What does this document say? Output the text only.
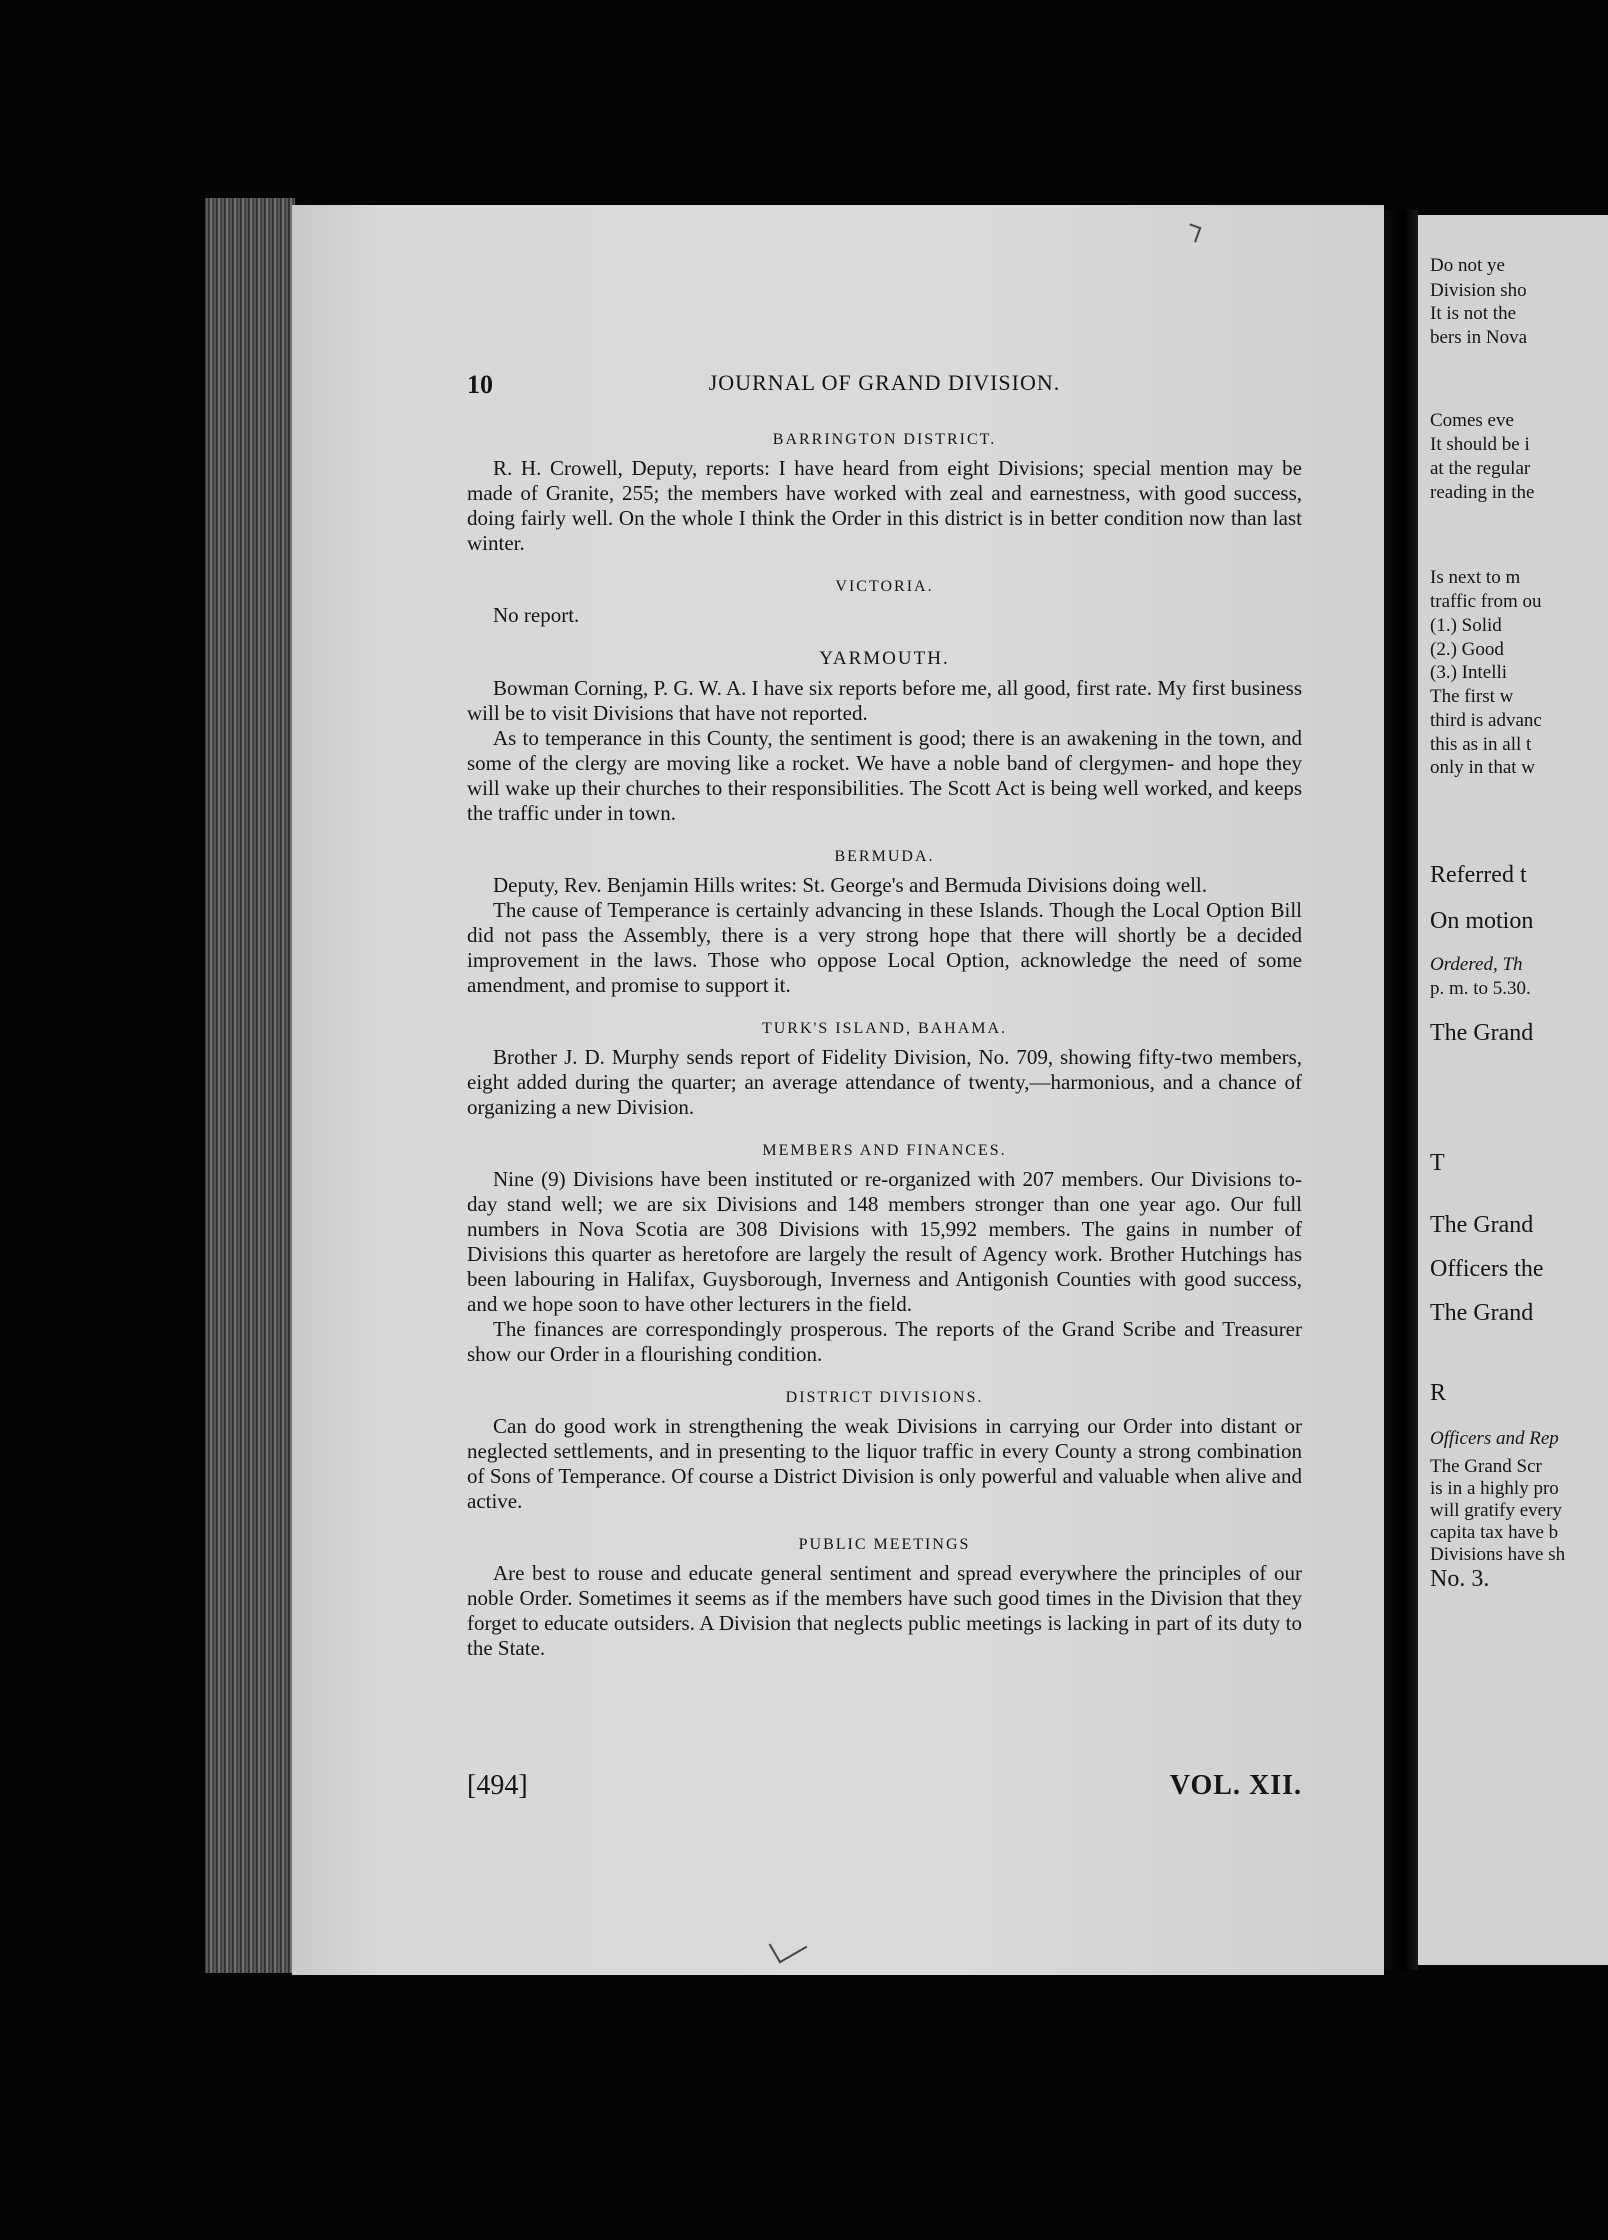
10	JOURNAL OF GRAND DIVISION.
BARRINGTON DISTRICT.

R. H. Crowell, Deputy, reports: I have heard from eight Divisions; special mention may be made of Granite, 255; the members have worked with zeal and earnestness, with good success, doing fairly well. On the whole I think the Order in this district is in better condition now than last winter.

VICTORIA.

No report.

YARMOUTH.

Bowman Corning, P. G. W. A. I have six reports before me, all good, first rate. My first business will be to visit Divisions that have not reported.

As to temperance in this County, the sentiment is good; there is an awakening in the town, and some of the clergy are moving like a rocket. We have a noble band of clergymen- and hope they will wake up their churches to their responsibilities. The Scott Act is being well worked, and keeps the traffic under in town.

BERMUDA.

Deputy, Rev. Benjamin Hills writes: St. George's and Bermuda Divisions doing well.

The cause of Temperance is certainly advancing in these Islands. Though the Local Option Bill did not pass the Assembly, there is a very strong hope that there will shortly be a decided improvement in the laws. Those who oppose Local Option, acknowledge the need of some amendment, and promise to support it.

TURK'S ISLAND, BAHAMA.

Brother J. D. Murphy sends report of Fidelity Division, No. 709, showing fifty-two members, eight added during the quarter; an average attendance of twenty,—harmonious, and a chance of organizing a new Division.

MEMBERS AND FINANCES.

Nine (9) Divisions have been instituted or re-organized with 207 members. Our Divisions to-day stand well; we are six Divisions and 148 members stronger than one year ago. Our full numbers in Nova Scotia are 308 Divisions with 15,992 members. The gains in number of Divisions this quarter as heretofore are largely the result of Agency work. Brother Hutchings has been labouring in Halifax, Guysborough, Inverness and Antigonish Counties with good success, and we hope soon to have other lecturers in the field.

The finances are correspondingly prosperous. The reports of the Grand Scribe and Treasurer show our Order in a flourishing condition.

DISTRICT DIVISIONS.

Can do good work in strengthening the weak Divisions in carrying our Order into distant or neglected settlements, and in presenting to the liquor traffic in every County a strong combination of Sons of Temperance. Of course a District Division is only powerful and valuable when alive and active.

PUBLIC MEETINGS

Are best to rouse and educate general sentiment and spread everywhere the principles of our noble Order. Sometimes it seems as if the members have such good times in the Division that they forget to educate outsiders. A Division that neglects public meetings is lacking in part of its duty to the State.

[494]	VOL. XII.
Do not ye
Division sho
It is not the
bers in Nova
Comes eve
It should be i
at the regular
reading in the
Is next to m
traffic from ou
(1.) Solid
(2.) Good
(3.) Intelli
The first w
third is advanc
this as in all t
only in that w
Referred t
On motion
Ordered, Th
p. m. to 5.30.
The Grand
T
The Grand
Officers the
The Grand
R
Officers and Rep
The Grand Scr
is in a highly pro
will gratify every
capita tax have b
Divisions have sh
No. 3.
